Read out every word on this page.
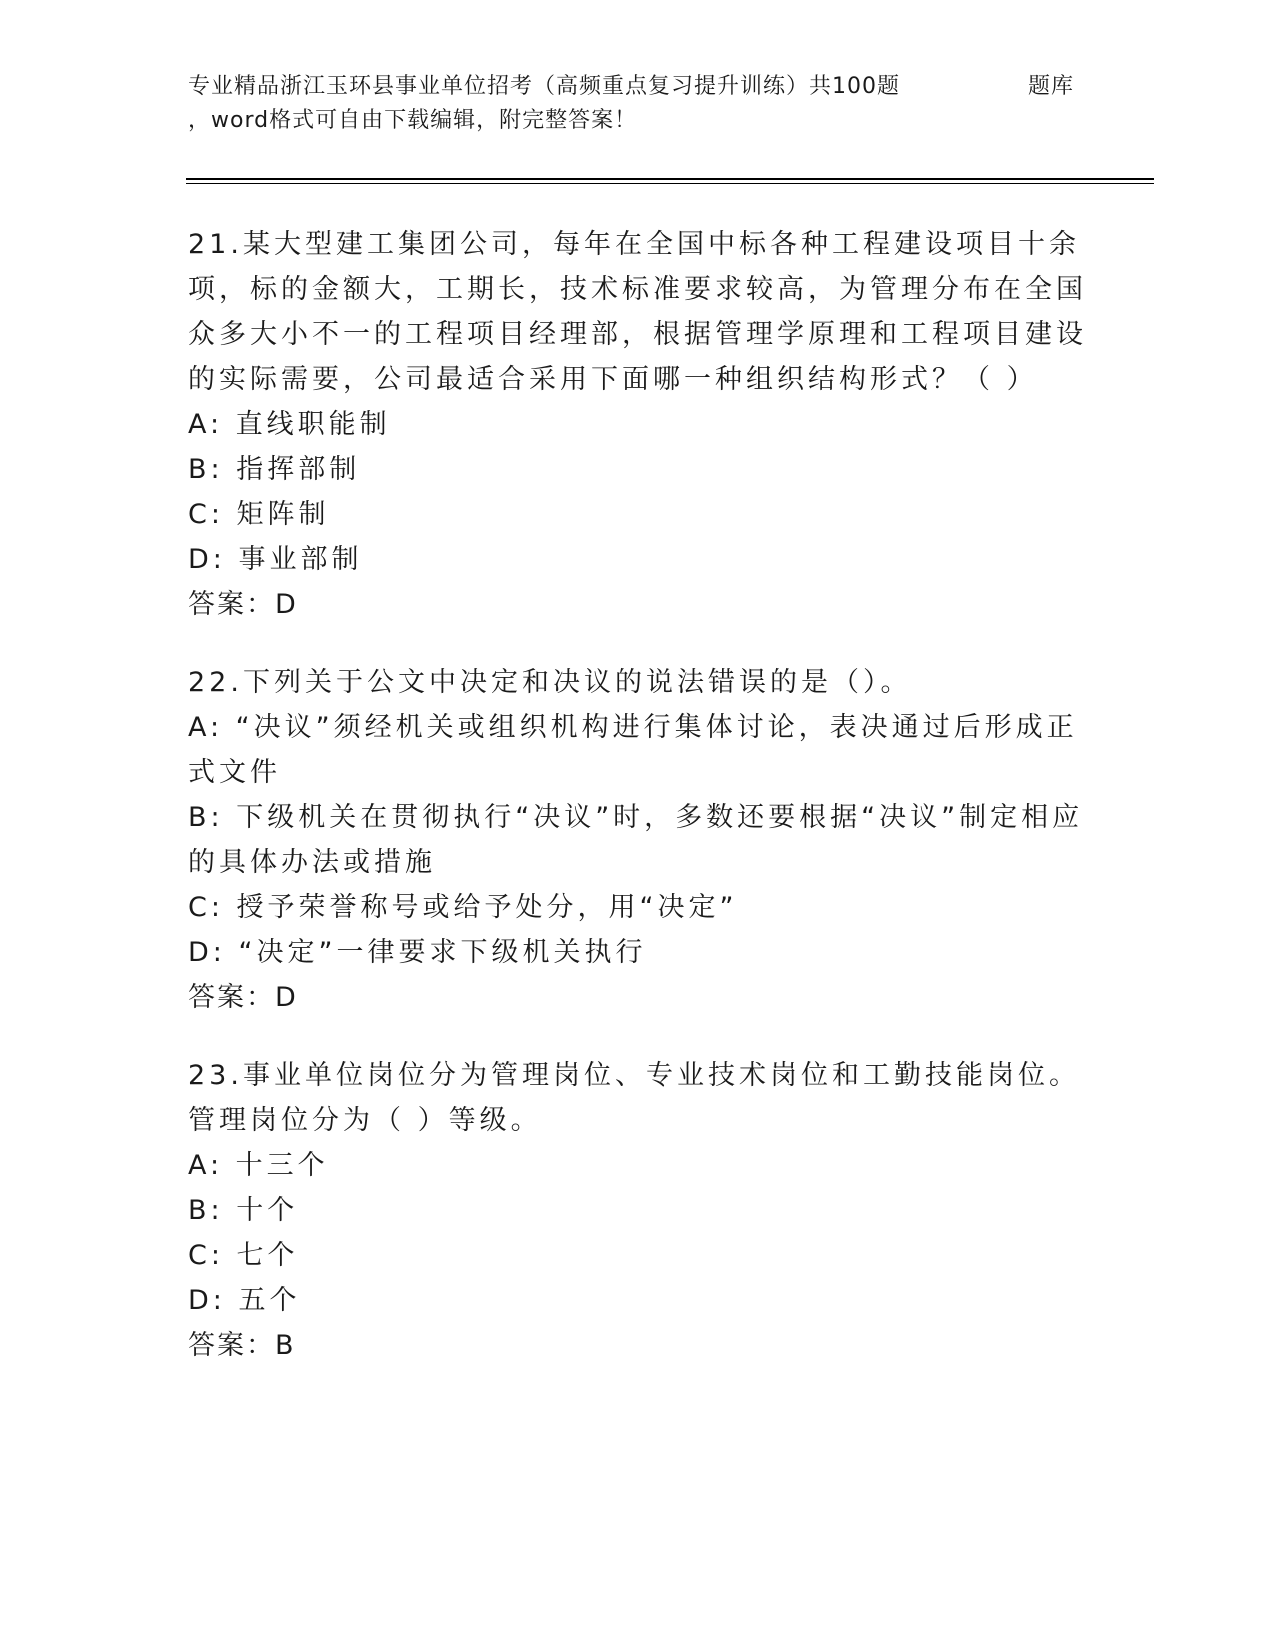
专业精品浙江玉环县事业单位招考（高频重点复习提升训练）共100题	题库
，word格式可自由下载编辑，附完整答案！
21.某大型建工集团公司，每年在全国中标各种工程建设项目十余项，标的金额大，工期长，技术标准要求较高，为管理分布在全国众多大小不一的工程项目经理部，根据管理学原理和工程项目建设的实际需要，公司最适合采用下面哪一种组织结构形式？（ ）
A: 直线职能制
B: 指挥部制
C: 矩阵制
D: 事业部制
答案：D
22.下列关于公文中决定和决议的说法错误的是（）。
A: “决议”须经机关或组织机构进行集体讨论，表决通过后形成正式文件
B: 下级机关在贯彻执行“决议”时，多数还要根据“决议”制定相应的具体办法或措施
C: 授予荣誉称号或给予处分，用“决定”
D: “决定”一律要求下级机关执行
答案：D
23.事业单位岗位分为管理岗位、专业技术岗位和工勤技能岗位。管理岗位分为（ ）等级。
A: 十三个
B: 十个
C: 七个
D: 五个
答案：B
